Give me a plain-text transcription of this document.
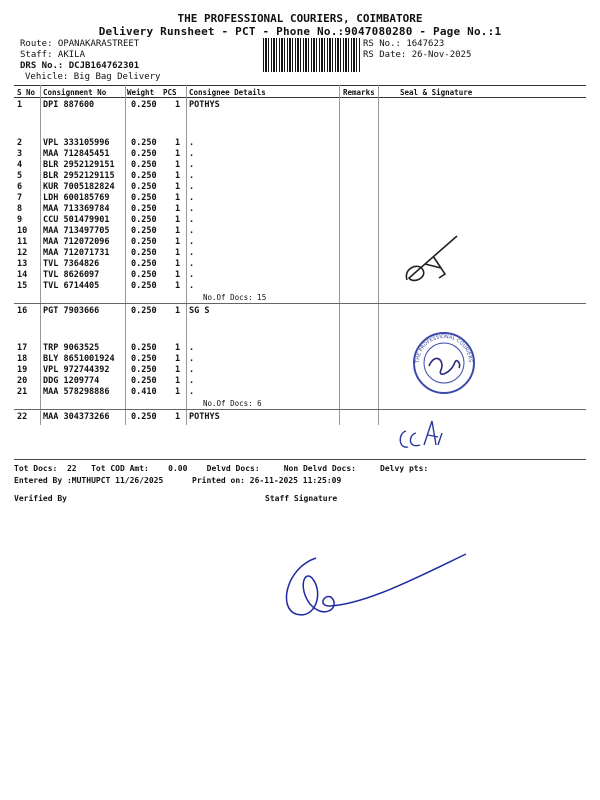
THE PROFESSIONAL COURIERS, COIMBATORE
Delivery Runsheet - PCT - Phone No.:9047080280 - Page No.:1
Route: OPANAKARASTREET
Staff: AKILA
DRS No.: DCJB164762301
Vehicle: Big Bag Delivery
RS No.: 1647623
RS Date: 26-Nov-2025
S No Consignment No	Weight PCS Consignee Details	Remarks	Seal & Signature
1 DPI 887600	0.250 1 POTHYS
2 VPL 333105996	0.250 1 .
3 MAA 712845451	0.250 1 .
4 BLR 2952129151 0.250 1 .
5 BLR 2952129115 0.250 1 .
6 KUR 7005182824 0.250 1 .
7 LDH 600185769	0.250 1 .
8 MAA 713369784	0.250 1 .
9 CCU 501479901	0.250 1 .
10 MAA 713497705	0.250 1 .
11 MAA 712072096	0.250 1 .
12 MAA 712071731	0.250 1 .
13 TVL 7364826	0.250 1 .
14 TVL 8626097	0.250 1 .
15 TVL 6714405	0.250 1 .
No.Of Docs: 15
16 PGT 7903666	0.250 1 SG S
17 TRP 9063525	0.250 1 .
18 BLY 8651001924 0.250 1 .
19 VPL 972744392	0.250 1 .
20 DDG 1209774	0.250 1 .
21 MAA 578298886	0.410 1 .
No.Of Docs: 6
22 MAA 304373266	0.250 1 POTHYS
THE PROFESSIONAL COURIERS
Tot Docs:  22   Tot COD Amt:    0.00    Delvd Docs:     Non Delvd Docs:     Delvy pts:
Entered By :MUTHUPCT 11/26/2025	Printed on: 26-11-2025 11:25:09
Verified By	Staff Signature
